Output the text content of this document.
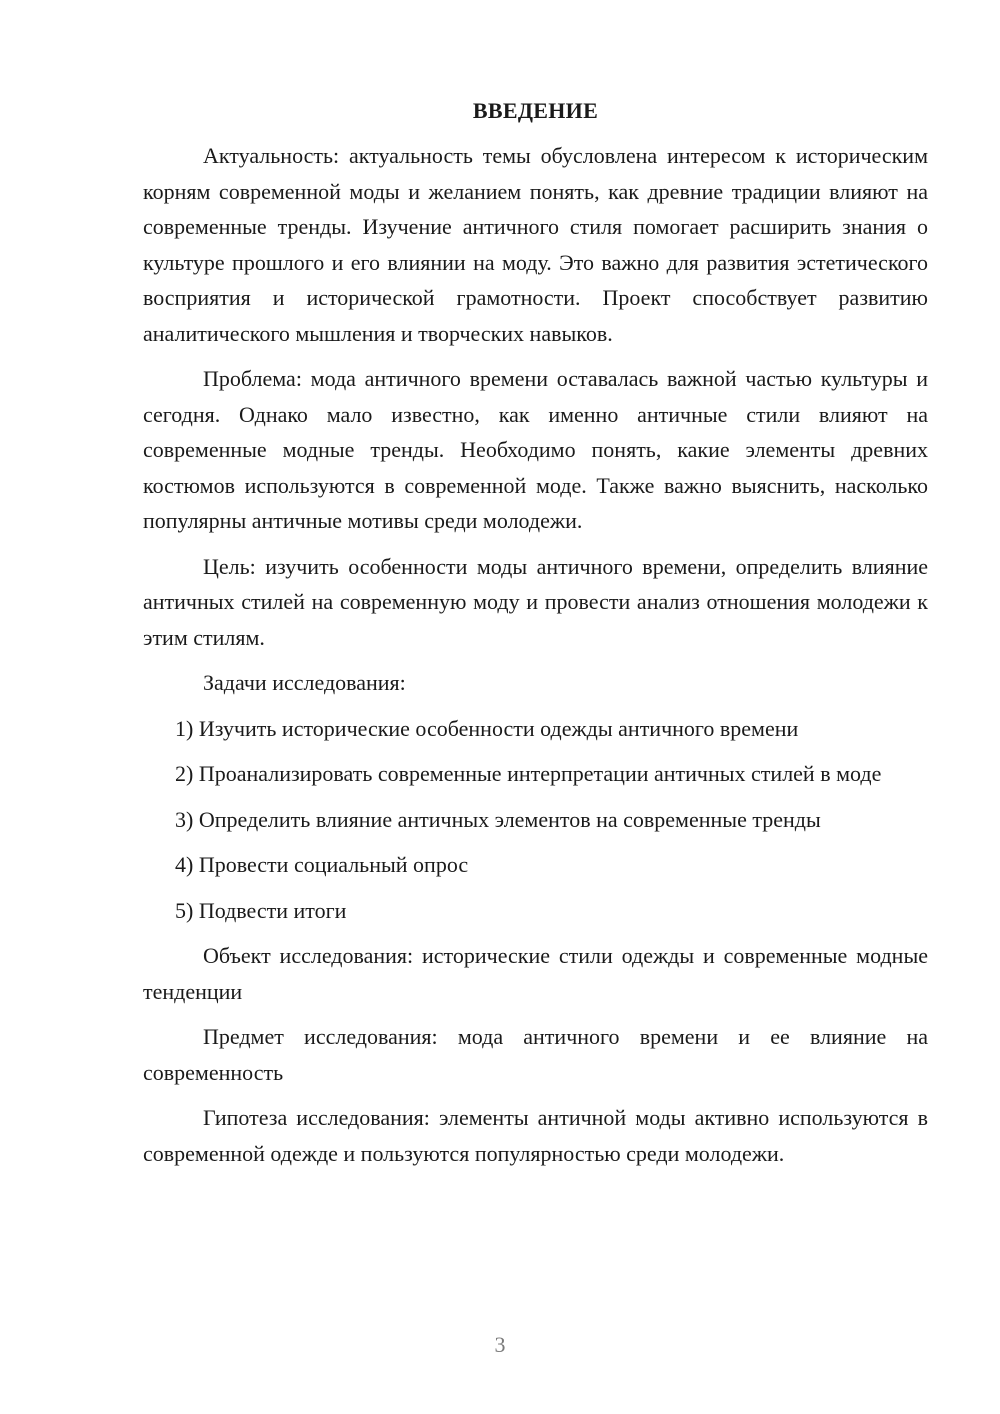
ВВЕДЕНИЕ

Актуальность: актуальность темы обусловлена интересом к историческим корням современной моды и желанием понять, как древние традиции влияют на современные тренды. Изучение античного стиля помогает расширить знания о культуре прошлого и его влиянии на моду. Это важно для развития эстетического восприятия и исторической грамотности. Проект способствует развитию аналитического мышления и творческих навыков.

Проблема: мода античного времени оставалась важной частью культуры и сегодня. Однако мало известно, как именно античные стили влияют на современные модные тренды. Необходимо понять, какие элементы древних костюмов используются в современной моде. Также важно выяснить, насколько популярны античные мотивы среди молодежи.

Цель: изучить особенности моды античного времени, определить влияние античных стилей на современную моду и провести анализ отношения молодежи к этим стилям.

Задачи исследования:

1) Изучить исторические особенности одежды античного времени

2) Проанализировать современные интерпретации античных стилей в моде

3) Определить влияние античных элементов на современные тренды

4) Провести социальный опрос

5) Подвести итоги

Объект исследования: исторические стили одежды и современные модные тенденции

Предмет исследования: мода античного времени и ее влияние на современность

Гипотеза исследования: элементы античной моды активно используются в современной одежде и пользуются популярностью среди молодежи.

3
